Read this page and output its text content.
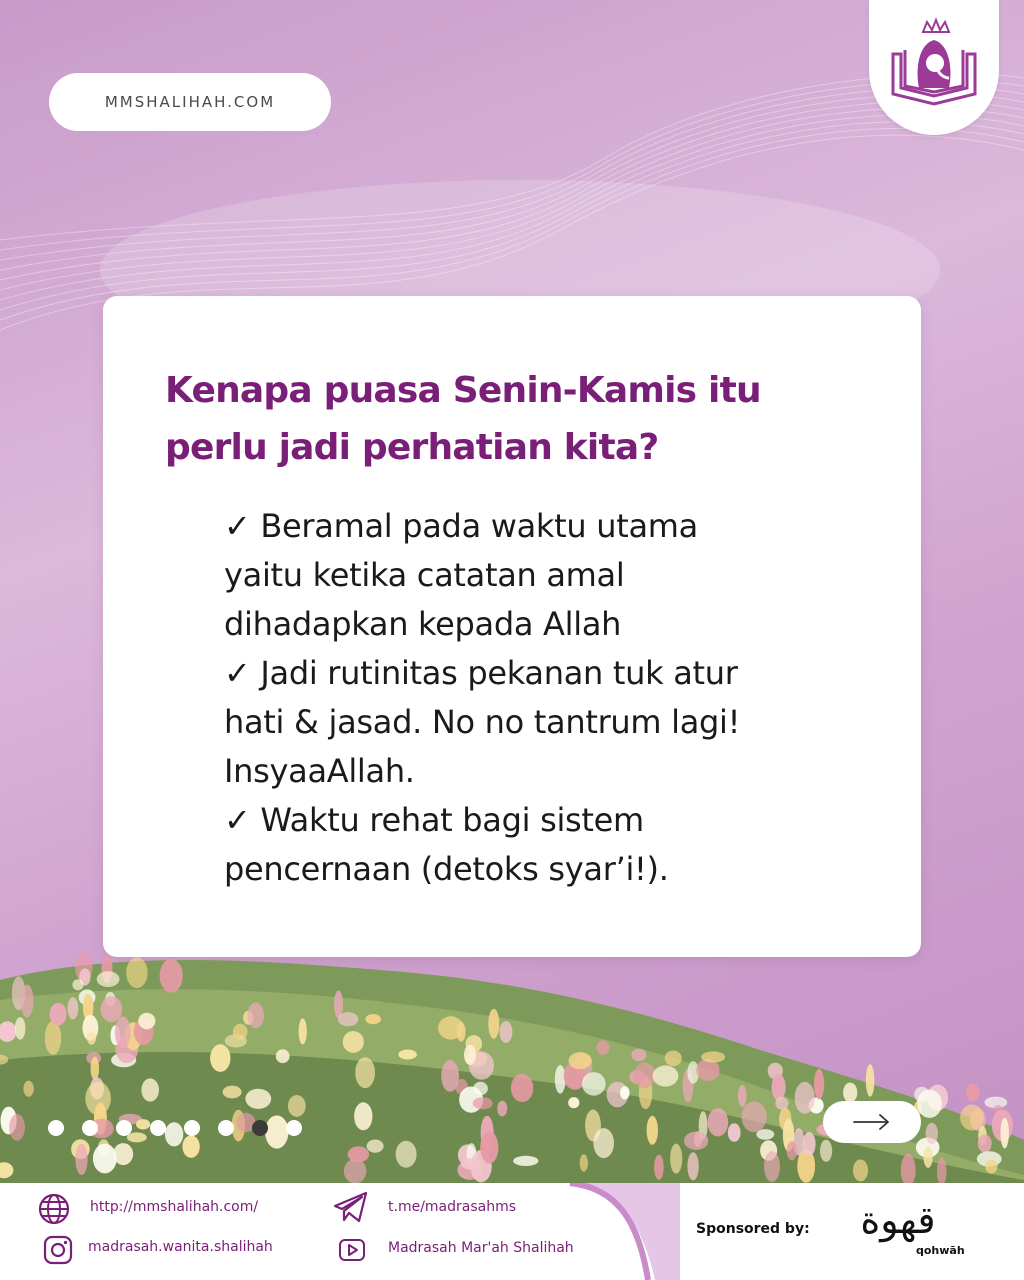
MMSHALIHAH.COM
Kenapa puasa Senin-Kamis itu
perlu jadi perhatian kita?
✓ Beramal pada waktu utama
yaitu ketika catatan amal
dihadapkan kepada Allah
✓ Jadi rutinitas pekanan tuk atur
hati & jasad. No no tantrum lagi!
InsyaaAllah.
✓ Waktu rehat bagi sistem
pencernaan (detoks syar’i!).
http://mmshalihah.com/	t.me/madrasahms
madrasah.wanita.shalihah	Madrasah Mar'ah Shalihah
Sponsored by:	قهوة
qohwāh
